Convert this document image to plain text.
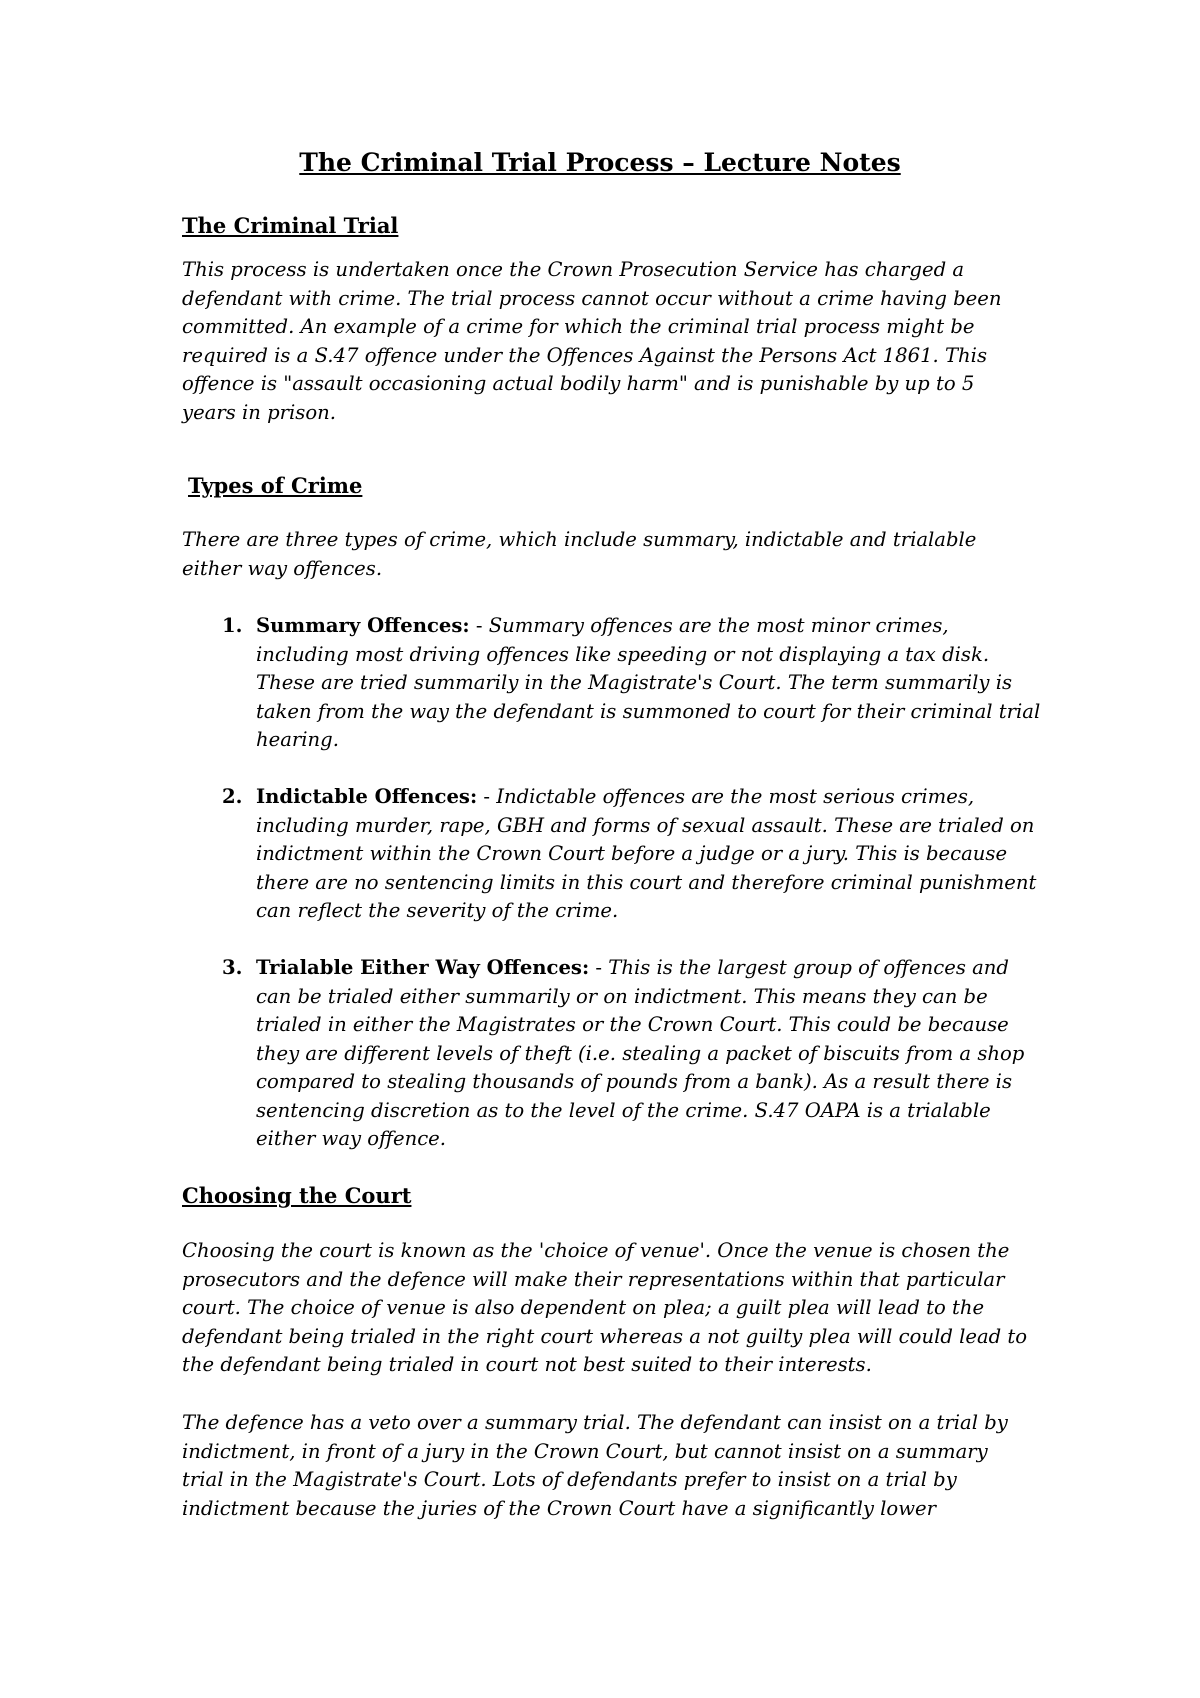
The Criminal Trial Process – Lecture Notes
The Criminal Trial

This process is undertaken once the Crown Prosecution Service has charged a defendant with crime. The trial process cannot occur without a crime having been committed. An example of a crime for which the criminal trial process might be required is a S.47 offence under the Offences Against the Persons Act 1861. This offence is "assault occasioning actual bodily harm" and is punishable by up to 5 years in prison.

Types of Crime

There are three types of crime, which include summary, indictable and trialable either way offences.

1. Summary Offences: - Summary offences are the most minor crimes, including most driving offences like speeding or not displaying a tax disk. These are tried summarily in the Magistrate's Court. The term summarily is taken from the way the defendant is summoned to court for their criminal trial hearing.

2. Indictable Offences: - Indictable offences are the most serious crimes, including murder, rape, GBH and forms of sexual assault. These are trialed on indictment within the Crown Court before a judge or a jury. This is because there are no sentencing limits in this court and therefore criminal punishment can reflect the severity of the crime.

3. Trialable Either Way Offences: - This is the largest group of offences and can be trialed either summarily or on indictment. This means they can be trialed in either the Magistrates or the Crown Court. This could be because they are different levels of theft (i.e. stealing a packet of biscuits from a shop compared to stealing thousands of pounds from a bank). As a result there is sentencing discretion as to the level of the crime. S.47 OAPA is a trialable either way offence.

Choosing the Court

Choosing the court is known as the 'choice of venue'. Once the venue is chosen the prosecutors and the defence will make their representations within that particular court. The choice of venue is also dependent on plea; a guilt plea will lead to the defendant being trialed in the right court whereas a not guilty plea will could lead to the defendant being trialed in court not best suited to their interests.

The defence has a veto over a summary trial. The defendant can insist on a trial by indictment, in front of a jury in the Crown Court, but cannot insist on a summary trial in the Magistrate's Court. Lots of defendants prefer to insist on a trial by indictment because the juries of the Crown Court have a significantly lower
